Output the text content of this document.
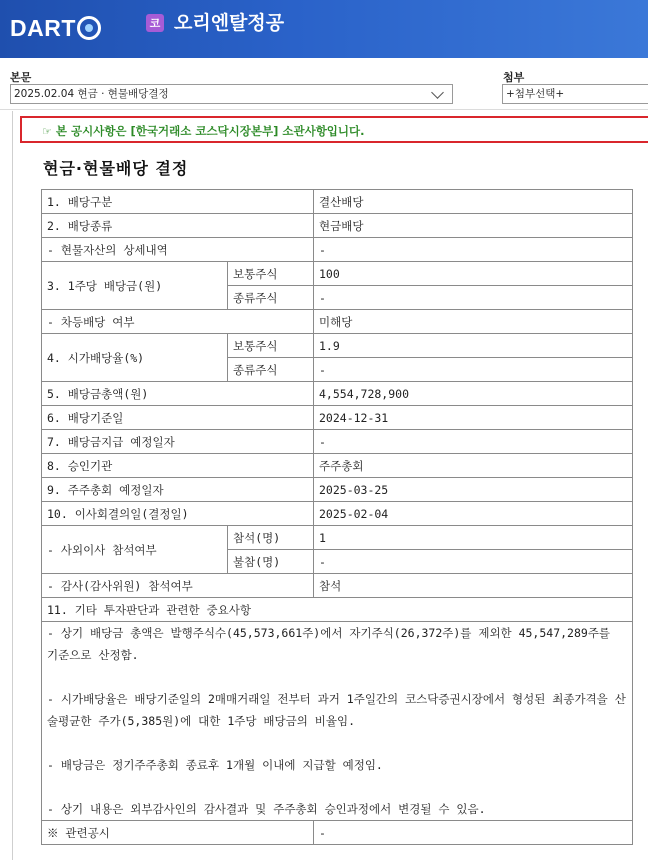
DART	코 오리엔탈정공
본문
2025.02.04 현금 · 현물배당결정
첨부
+첨부선택+
☞ 본 공시사항은 [한국거래소 코스닥시장본부] 소관사항입니다.
현금·현물배당 결정
1. 배당구분		결산배당
2. 배당종류		현금배당
- 현물자산의 상세내역		-
3. 1주당 배당금(원)	보통주식	100
	종류주식	-
- 차등배당 여부		미해당
4. 시가배당율(%)	보통주식	1.9
	종류주식	-
5. 배당금총액(원)		4,554,728,900
6. 배당기준일		2024-12-31
7. 배당금지급 예정일자		-
8. 승인기관		주주총회
9. 주주총회 예정일자		2025-03-25
10. 이사회결의일(결정일)		2025-02-04
- 사외이사 참석여부	참석(명)	1
	불참(명)	-
- 감사(감사위원) 참석여부		참석
11. 기타 투자판단과 관련한 중요사항		

- 상기 배당금 총액은 발행주식수(45,573,661주)에서 자기주식(26,372주)를 제외한 45,547,289주를 기준으로 산정함.

- 시가배당율은 배당기준일의 2매매거래일 전부터 과거 1주일간의 코스닥증권시장에서 형성된 최종가격을 산술평균한 주가(5,385원)에 대한 1주당 배당금의 비율임.

- 배당금은 정기주주총회 종료후 1개월 이내에 지급할 예정임.

- 상기 내용은 외부감사인의 감사결과 및 주주총회 승인과정에서 변경될 수 있음.		

※ 관련공시		-
